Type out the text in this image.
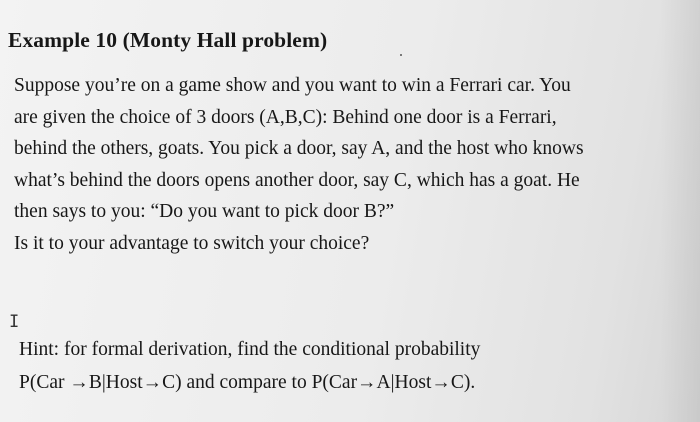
Example 10 (Monty Hall problem)
Suppose you’re on a game show and you want to win a Ferrari car. You
are given the choice of 3 doors (A,B,C): Behind one door is a Ferrari,
behind the others, goats. You pick a door, say A, and the host who knows
what’s behind the doors opens another door, say C, which has a goat. He
then says to you: “Do you want to pick door B?”
Is it to your advantage to switch your choice?
I
Hint: for formal derivation, find the conditional probability
P(Car →B|Host→C) and compare to P(Car→A|Host→C).
